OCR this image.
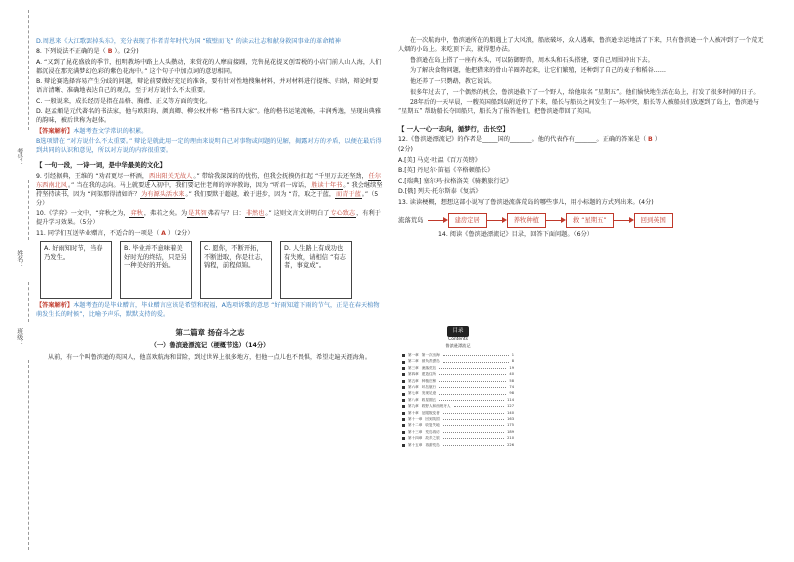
考号：
姓名：
班级：

D.周恩来《大江歌罢掉头东》，充分表现了作者青年时代为国 “破壁而飞” 的读云壮志和献身救国事业的革命精神

8. 下列说法不正确的是（ B ）。(2分)

A. “又到了昆花盛放的季节，扭明教场中路上人头攒动，来赏花的人摩肩接踵，完售昆花提叉创雪税的小店门前人山人海，人们都沉浸在那充满梦幻色彩的紫色花海中。” 这个句子中加点词的意思相同。

B. 辩论赛选择容易产生分歧的问题，辩论前要做好充足的准备，要有针对性地搜集材料，并对材料进行提炼、归纳，辩论时要语言清晰、准确地表达自己的观点，至于对方说什么不太重要。

C. 一般说来，成长经历是指在品格、胸襟、正义等方面的变化。

D. 赵孟頫是元代著名的书法家，他与欧阳询、颜真卿、柳公权并称 “楷书四大家”。他的楷书运笔流畅，丰润秀逸，呈现出典雅的韵味，被后世称为赵体。

【答案解析】本题考查文学常识的积累。

B选项错在 “对方说什么不太重要。” 辩论是就此用一定的理由来说明自己对事物或问题的见解，揭露对方的矛盾，以便在最后得到共同的认识和意见，所以对方说的内容很重要。

【 一句一段，一诗一词，是中华最美的文化】

9. 引经据典，王维的 “劝君更尽一杯酒，西出阳关无故人。” 带给我深深的的忧伤，但我会抚摸仍扛起 “千里万去还坚劲，任尔东西南北风。” 当在我的志向。马上就要进入初中，我们要记住老师的谆谆教诲，因为 “听君一席话，胜读十年书。” 我会继续坚持坚持读书，因为 “问渠那得清如许？为有源头活水来。” 我们要默于超越，敢于进步，因为 “青，取之于蓝，而青于蓝。”（5分）

10.《学弈》一文中，“弈秋之为，弈秋，弗若之矣。为是其智弗若与？曰：非然也。” 这则文言文讲明白了专心致志，有利于提升学习效果。（5分）

11. 同学们互送毕业赠言，不适合的一项是（ A ）（2分）

A. 好雨知时节，当春乃发生。
B. 毕业并不意味着美好时光的终结，只是另一种美好的开始。
C. 愿你，不断开拓，不断进取，你是壮志，锦程，前程似锦。
D. 人生路上有成功也有失败，请相信 “有志者，事竟成”。

【答案解析】本题考查的是毕业赠言，毕业赠言应该是希望和祝福，A选项诉歌的意思 “好雨知道下雨的节气，正是在春天植物萌发生长的时候”，比喻予声乐，默默支持的爱。

第二篇章 扬奋斗之志
（一）鲁滨逊漂流记（梗概节选）（14分）

从前，有一个叫鲁滨逊的英国人，他喜欢航海和冒险，到过世界上很多地方，但他一点儿也不畏惧，希望走遍天涯海角。

在一次航海中，鲁滨逊所在的船遇上了大风浪，船底破坏，众人遇难，鲁滨逊幸运地活了下来，只有鲁滨逊一个人被冲到了一个荒无人烟的小岛上。来吃顶下去，就得想办法。

鲁滨逊在岛上搭了一座有木头，可以防御野兽，周木头和石头搭建，要自己周围冲出下去。

为了解决食物问题，他把猎来的骨山羊圈养起来，让它们繁殖，还种到了自己的麦子和稻谷……

他还养了一只鹦鹉，教它说话。

很多年过去了，一个偶然的机会，鲁滨逊救下了一个野人，给他取名 “星期五”。他们愉快地生活在岛上，打发了很多时间的日子。

28年后的一天早晨，一艘英国船到岛附近停了下来，船长与船员之间发生了一场冲突，船长等人被船员们放逐到了岛上，鲁滨逊与 “星期五” 帮助船长夺回船只，船长为了报答他们，把鲁滨逊带回了英国。

【 一人一心一志向，循梦行，击长空】

12.《鲁滨逊漂流记》的作者是_____国的_______。他的代表作有_______。正确的答案是（ B ）

(2分)

A.[美] 马克·吐温《百万英镑》

B.[英] 丹尼尔·笛福《辛格顿船长》

C.[瑞典] 塞尔玛·拉格洛芙《骑鹅旅行记》

D.[俄] 列夫·托尔斯泰《复活》

13. 读读梗概，想想这部小说写了鲁滨逊流落荒岛的哪些事儿，用小标题的方式列出来。(4分)

流落荒岛	建房定居	养牧种植	救 “星期五”	回到英国

14. 阅读《鲁滨逊漂流记》目录，回答下面问题。（6分）

目录
Contents
鲁滨逊漂流记
第一章 第一次出海	1
第二章 被负责漂岛	8
第三章 流落荒岛	19
第四章 建造住所	40
第五章 种植庄稼	58
第六章 环岛航行	74
第七章 发现足迹	98
第八章 救星期五	114
第九章 救野人和西班牙人	127
第十章 征服叛变者	140
第十一章 回到英国	163
第十二章 收复失地	175
第十三章 荒岛再访	189
第十四章 故乡之旅	210
第十五章 再游荒岛	226
